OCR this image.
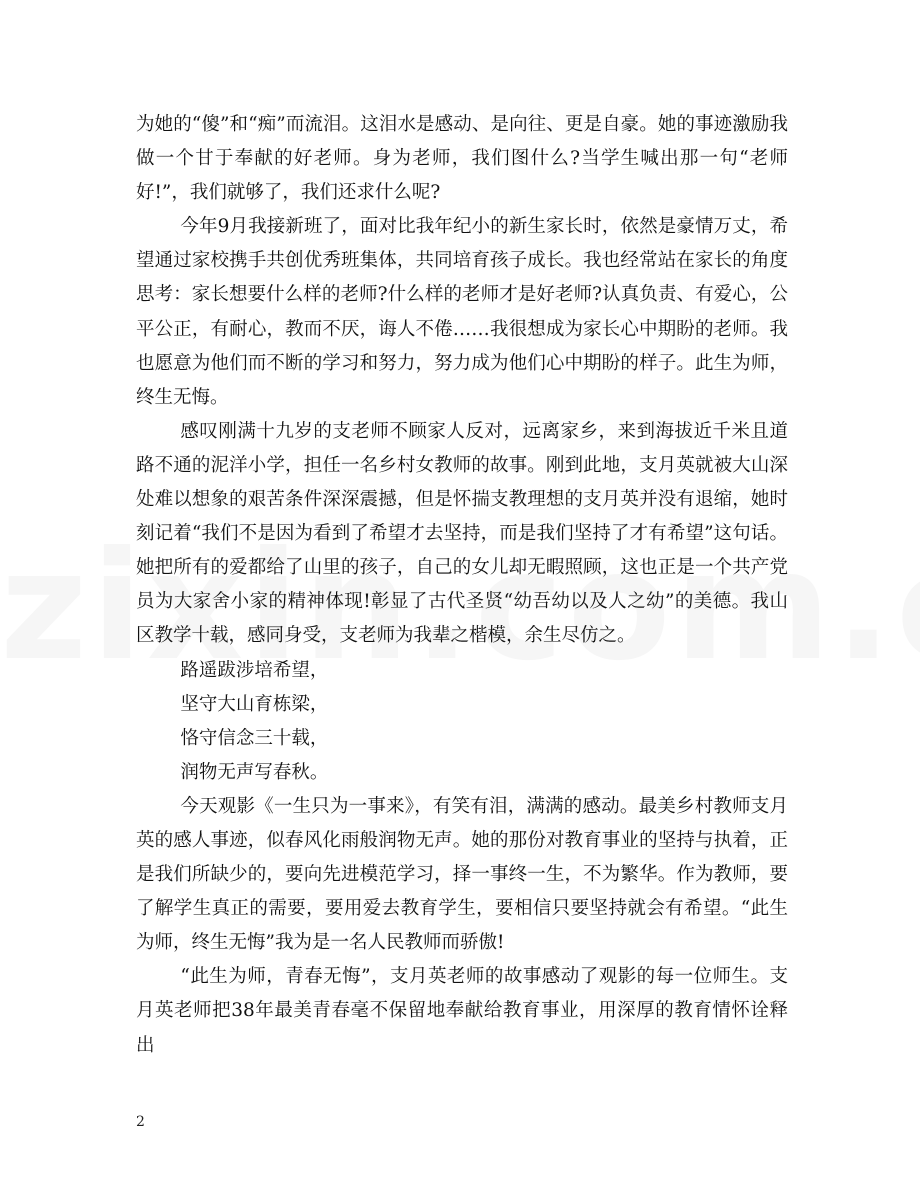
为她的“傻”和“痴”而流泪。这泪水是感动、是向往、更是自豪。她的事迹激励我做一个甘于奉献的好老师。身为老师，我们图什么?当学生喊出那一句“老师好!”，我们就够了，我们还求什么呢?

今年9月我接新班了，面对比我年纪小的新生家长时，依然是豪情万丈，希望通过家校携手共创优秀班集体，共同培育孩子成长。我也经常站在家长的角度思考：家长想要什么样的老师?什么样的老师才是好老师?认真负责、有爱心，公平公正，有耐心，教而不厌，诲人不倦……我很想成为家长心中期盼的老师。我也愿意为他们而不断的学习和努力，努力成为他们心中期盼的样子。此生为师，终生无悔。

感叹刚满十九岁的支老师不顾家人反对，远离家乡，来到海拔近千米且道路不通的泥洋小学，担任一名乡村女教师的故事。刚到此地，支月英就被大山深处难以想象的艰苦条件深深震撼，但是怀揣支教理想的支月英并没有退缩，她时刻记着“我们不是因为看到了希望才去坚持，而是我们坚持了才有希望”这句话。她把所有的爱都给了山里的孩子，自己的女儿却无暇照顾，这也正是一个共产党员为大家舍小家的精神体现!彰显了古代圣贤“幼吾幼以及人之幼”的美德。我山区教学十载，感同身受，支老师为我辈之楷模，余生尽仿之。

路遥跋涉培希望，

坚守大山育栋梁，

恪守信念三十载，

润物无声写春秋。

今天观影《一生只为一事来》，有笑有泪，满满的感动。最美乡村教师支月英的感人事迹，似春风化雨般润物无声。她的那份对教育事业的坚持与执着，正是我们所缺少的，要向先进模范学习，择一事终一生，不为繁华。作为教师，要了解学生真正的需要，要用爱去教育学生，要相信只要坚持就会有希望。“此生为师，终生无悔”我为是一名人民教师而骄傲!

“此生为师，青春无悔”，支月英老师的故事感动了观影的每一位师生。支月英老师把38年最美青春毫不保留地奉献给教育事业，用深厚的教育情怀诠释出

2
